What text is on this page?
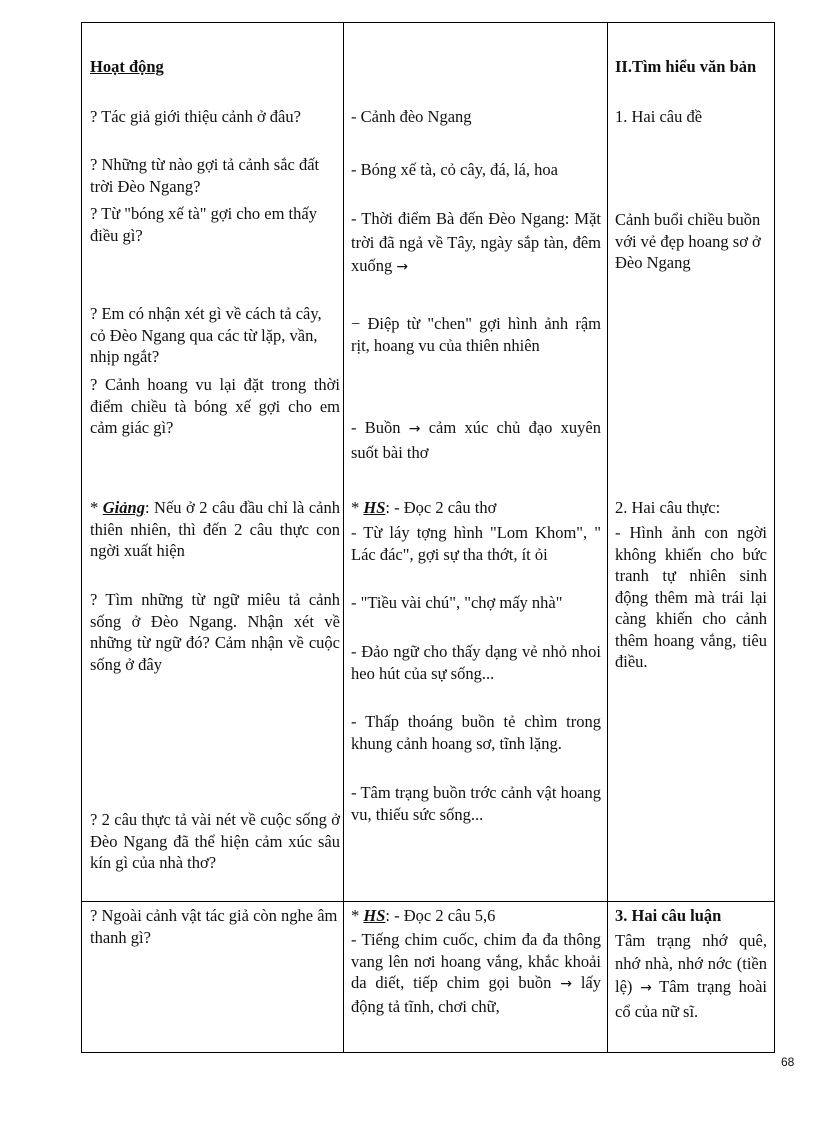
Hoạt động

? Tác giả giới thiệu cảnh ở đâu?

? Những từ nào gợi tả cảnh sắc đất trời Đèo Ngang?

? Từ "bóng xế tà" gợi cho em thấy điều gì?

? Em có nhận xét gì về cách tả cây, cỏ Đèo Ngang qua các từ lặp, vần, nhịp ngắt?

? Cảnh hoang vu lại đặt trong thời điểm chiều tà bóng xế gợi cho em cảm giác gì?

* Giảng: Nếu ở 2 câu đầu chỉ là cảnh thiên nhiên, thì đến 2 câu thực con ngời xuất hiện

? Tìm những từ ngữ miêu tả cảnh sống ở Đèo Ngang. Nhận xét về những từ ngữ đó? Cảm nhận về cuộc sống ở đây

? 2 câu thực tả vài nét về cuộc sống ở Đèo Ngang đã thể hiện cảm xúc sâu kín gì của nhà thơ?

? Ngoài cảnh vật tác giả còn nghe âm thanh gì?

- Cảnh đèo Ngang

- Bóng xế tà, cỏ cây, đá, lá, hoa

- Thời điểm Bà đến Đèo Ngang: Mặt trời đã ngả về Tây, ngày sắp tàn, đêm xuống →

− Điệp từ "chen" gợi hình ảnh rậm rịt, hoang vu của thiên nhiên

- Buồn → cảm xúc chủ đạo xuyên suốt bài thơ

* HS: - Đọc 2 câu thơ

- Từ láy tợng hình "Lom Khom", " Lác đác", gợi sự tha thớt, ít ỏi

- "Tiều vài chú", "chợ mấy nhà"

- Đảo ngữ cho thấy dạng vẻ nhỏ nhoi heo hút của sự sống...

- Thấp thoáng buồn tẻ chìm trong khung cảnh hoang sơ, tĩnh lặng.

- Tâm trạng buồn trớc cảnh vật hoang vu, thiếu sức sống...

* HS: - Đọc 2 câu 5,6

- Tiếng chim cuốc, chim đa đa thông vang lên nơi hoang vắng, khắc khoải da diết, tiếp chim gọi buồn → lấy động tả tĩnh, chơi chữ,

II.Tìm hiểu văn bản

1. Hai câu đề

Cảnh buổi chiều buồn với vẻ đẹp hoang sơ ở Đèo Ngang

2. Hai câu thực:

- Hình ảnh con ngời không khiến cho bức tranh tự nhiên sinh động thêm mà trái lại càng khiến cho cảnh thêm hoang vắng, tiêu điều.

3. Hai câu luận

Tâm trạng nhớ quê, nhớ nhà, nhớ nớc (tiền lệ) → Tâm trạng hoài cổ của nữ sĩ.

68
